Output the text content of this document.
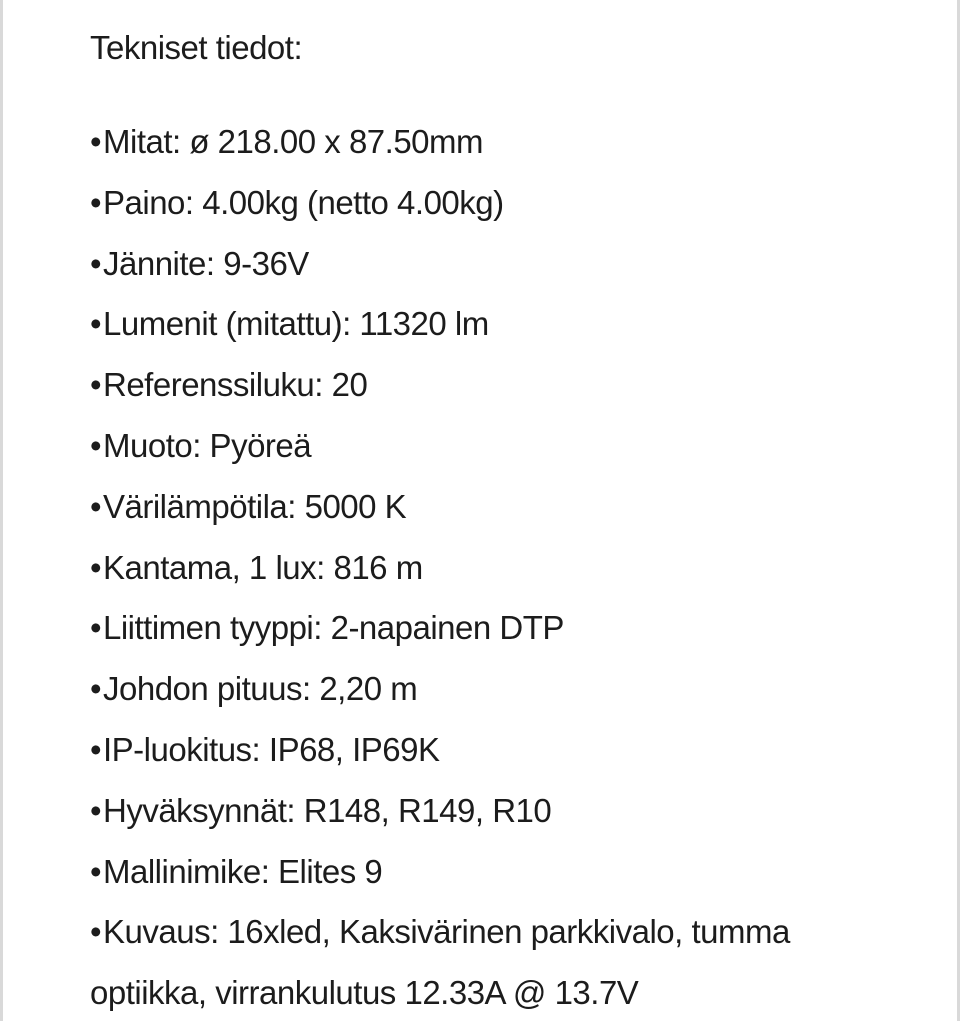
Tekniset tiedot:
•Mitat: ø 218.00 x 87.50mm
•Paino: 4.00kg (netto 4.00kg)
•Jännite: 9-36V
•Lumenit (mitattu): 11320 lm
•Referenssiluku: 20
•Muoto: Pyöreä
•Värilämpötila: 5000 K
•Kantama, 1 lux: 816 m
•Liittimen tyyppi: 2-napainen DTP
•Johdon pituus: 2,20 m
•IP-luokitus: IP68, IP69K
•Hyväksynnät: R148, R149, R10
•Mallinimike: Elites 9
•Kuvaus: 16xled, Kaksivärinen parkkivalo, tumma optiikka, virrankulutus 12.33A @ 13.7V
